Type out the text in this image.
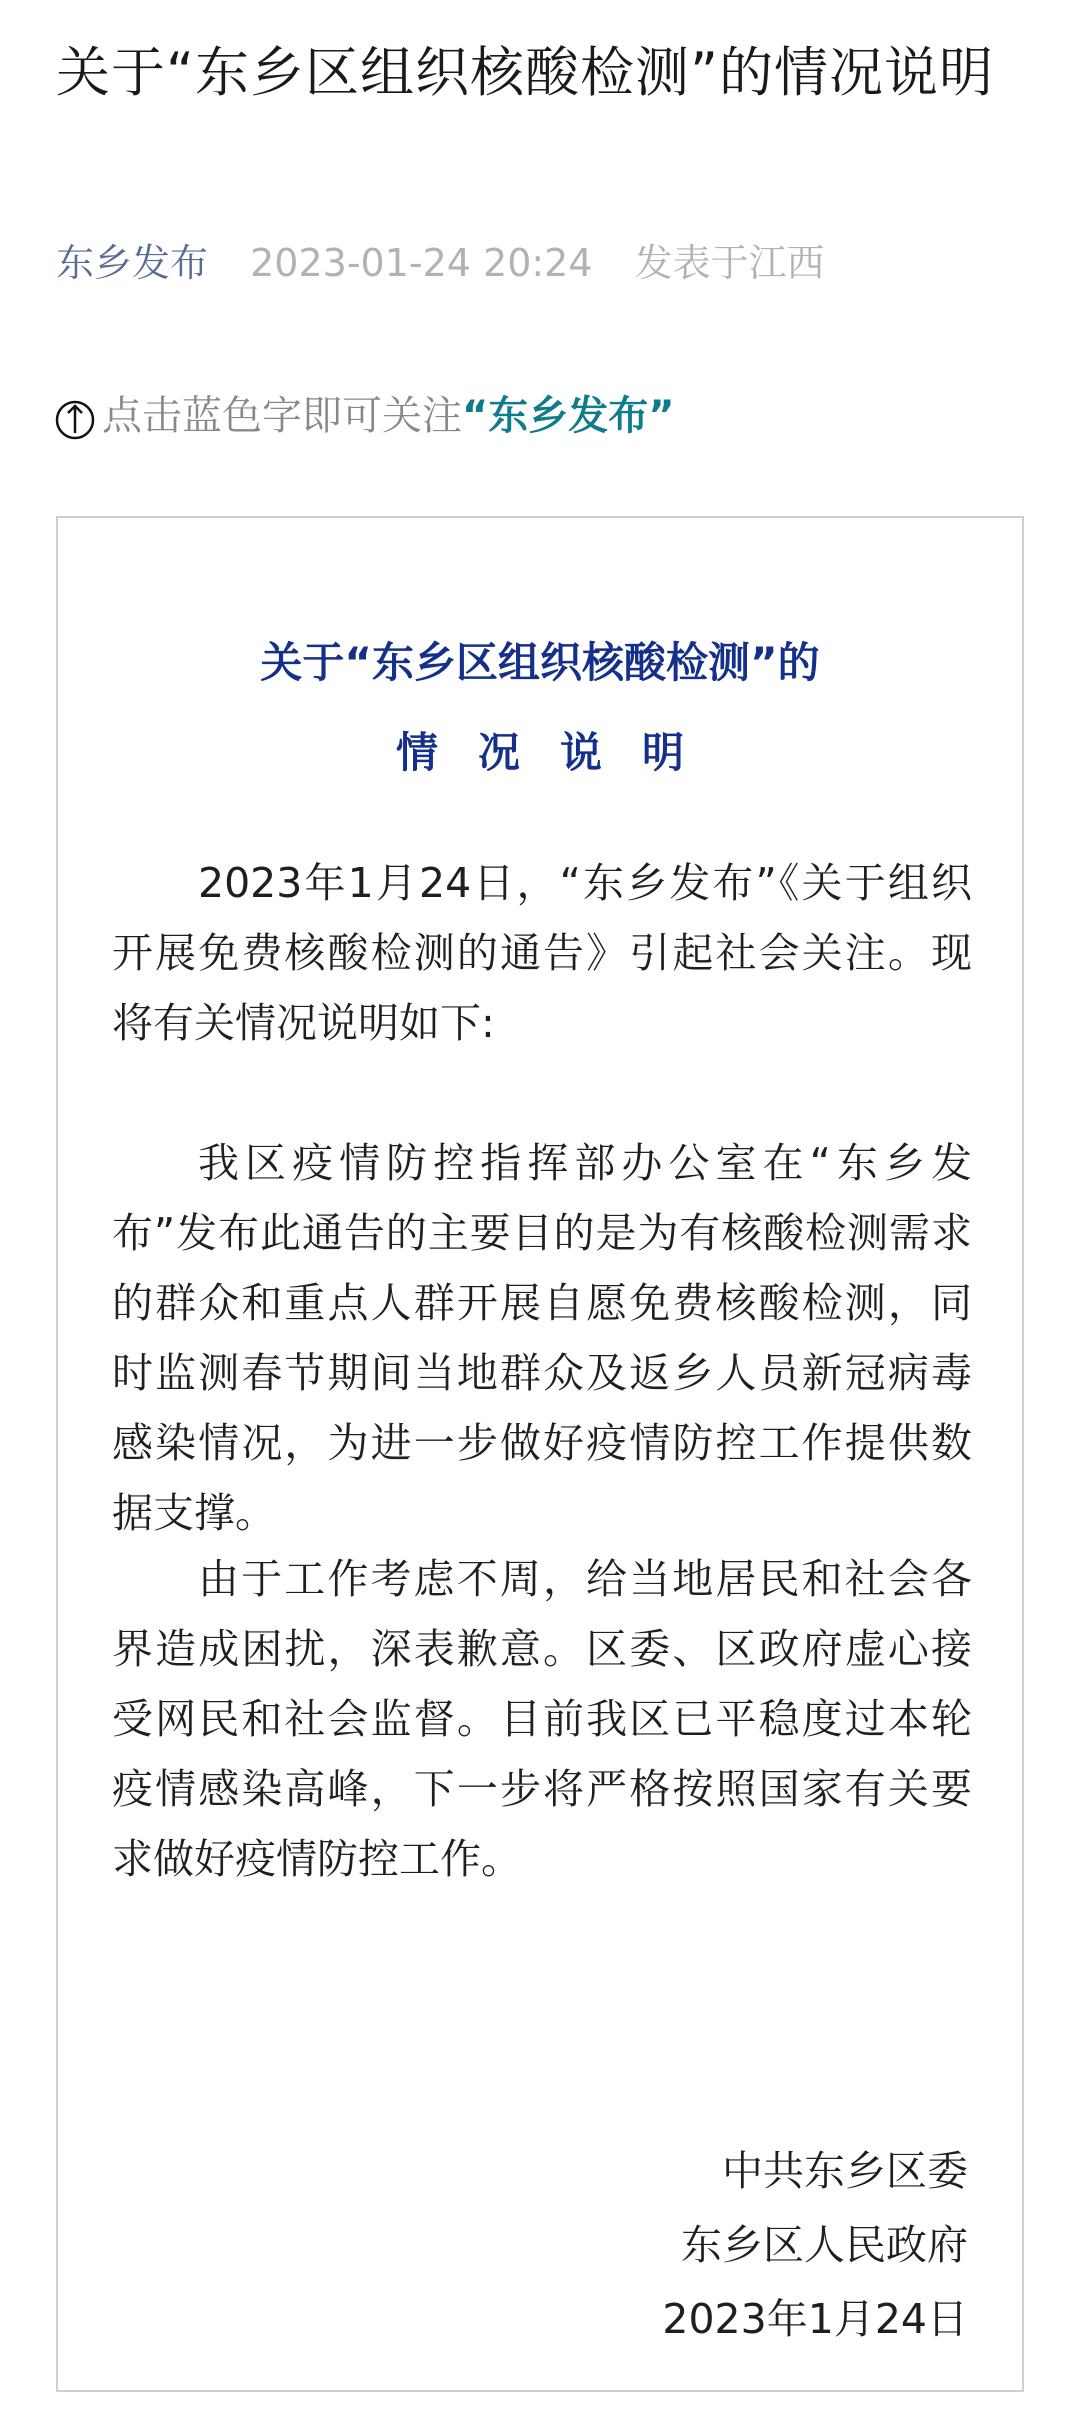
关于“东乡区组织核酸检测”的情况说明
东乡发布 2023-01-24 20:24 发表于江西
点击蓝色字即可关注“东乡发布”
关于“东乡区组织核酸检测”的
情况说明

2023年1月24日，“东乡发布”《关于组织开展免费核酸检测的通告》引起社会关注。现将有关情况说明如下:

我区疫情防控指挥部办公室在“东乡发布”发布此通告的主要目的是为有核酸检测需求的群众和重点人群开展自愿免费核酸检测，同时监测春节期间当地群众及返乡人员新冠病毒感染情况，为进一步做好疫情防控工作提供数据支撑。

由于工作考虑不周，给当地居民和社会各界造成困扰，深表歉意。区委、区政府虚心接受网民和社会监督。目前我区已平稳度过本轮疫情感染高峰，下一步将严格按照国家有关要求做好疫情防控工作。

中共东乡区委
东乡区人民政府
2023年1月24日
